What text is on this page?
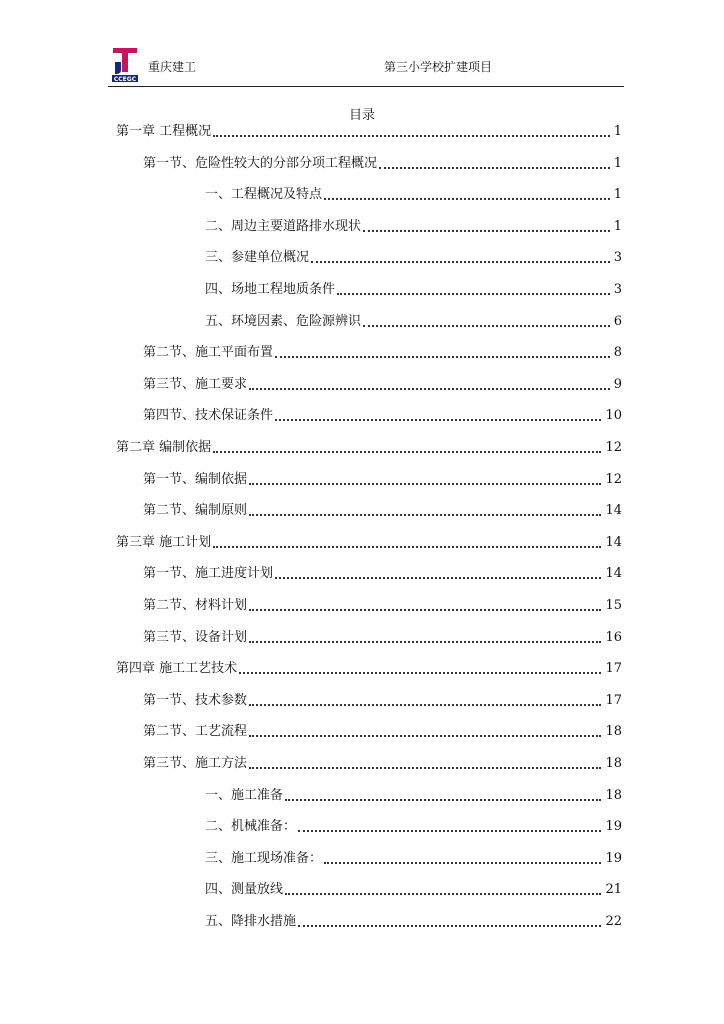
CCEGC
重庆建工	第三小学校扩建项目
目录
第一章 工程概况	1
第一节、危险性较大的分部分项工程概况	1
一、工程概况及特点	1
二、周边主要道路排水现状	1
三、参建单位概况	3
四、场地工程地质条件	3
五、环境因素、危险源辨识	6
第二节、施工平面布置	8
第三节、施工要求	9
第四节、技术保证条件	10
第二章 编制依据	12
第一节、编制依据	12
第二节、编制原则	14
第三章 施工计划	14
第一节、施工进度计划	14
第二节、材料计划	15
第三节、设备计划	16
第四章 施工工艺技术	17
第一节、技术参数	17
第二节、工艺流程	18
第三节、施工方法	18
一、施工准备	18
二、机械准备：	19
三、施工现场准备：	19
四、测量放线	21
五、降排水措施	22
